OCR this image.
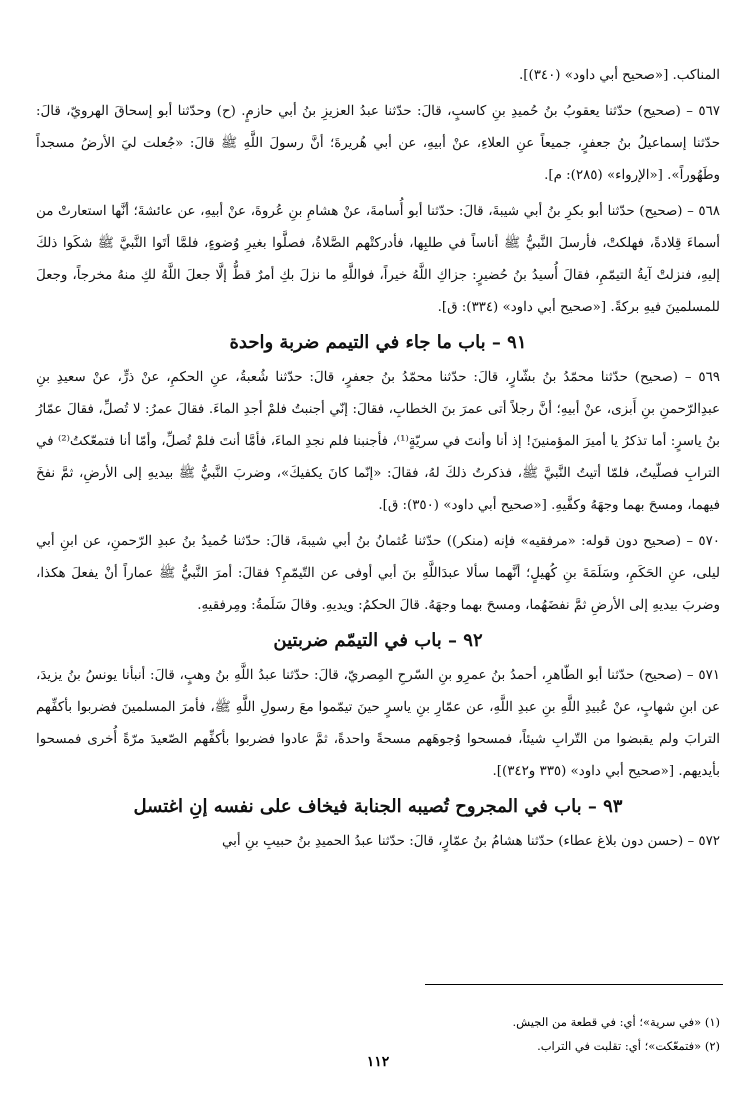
المناكب. [«صحيح أبي داود» (٣٤٠)].

٥٦٧ – (صحيح) حدّثنا يعقوبُ بنُ حُميدِ بنِ كاسبٍ، قالَ: حدّثنا عبدُ العزيزِ بنُ أبي حازمٍ. (ح) وحدّثنا أبو إسحاقَ الهرويّ، قالَ: حدّثنا إسماعيلُ بنُ جعفرٍ، جميعاً عنِ العلاءِ، عنْ أبيهِ، عن أبي هُريرةَ؛ أنَّ رسولَ اللَّهِ ﷺ قالَ: «جُعلت ليَ الأرضُ مسجداً وطَهُوراً». [«الإرواء» (٢٨٥): م].

٥٦٨ – (صحيح) حدّثنا أبو بكرِ بنُ أبي شيبةَ، قالَ: حدّثنا أبو أُسامةَ، عنْ هشامِ بنِ عُروةَ، عنْ أبيهِ، عن عائشةَ؛ أنَّها استعارتْ من أسماءَ قِلادةً، فهلكتْ، فأرسلَ النَّبيُّ ﷺ أناساً في طلبِها، فأدركتْهم الصَّلاةُ، فصلَّوا بغيرِ وُضوءٍ، فلمَّا أتَوا النَّبيَّ ﷺ شكَوا ذلكَ إليهِ، فنزلتْ آيةُ التيمّمِ، فقالَ أُسيدُ بنُ حُضيرٍ: جزاكِ اللَّهُ خيراً، فواللَّهِ ما نزلَ بكِ أمرٌ قطُّ إلَّا جعلَ اللَّهُ لكِ منهُ مخرجاً، وجعلَ للمسلمينَ فيهِ بركةً. [«صحيح أبي داود» (٣٣٤): ق].

٩١ – باب ما جاء في التيمم ضربة واحدة

٥٦٩ – (صحيح) حدّثنا محمّدُ بنُ بشّارٍ، قالَ: حدّثنا محمّدُ بنُ جعفرٍ، قالَ: حدّثنا شُعبةُ، عنِ الحكمِ، عنْ ذرٍّ، عنْ سعيدِ بنِ عبدِالرّحمنِ بنِ أَبزى، عنْ أبيهِ؛ أنَّ رجلاً أتى عمرَ بنَ الخطابِ، فقالَ: إنّي أجنبتُ فلمْ أجدِ الماءَ. فقالَ عمرُ: لا تُصلِّ، فقالَ عمّارُ بنُ ياسرٍ: أما تذكرُ يا أميرَ المؤمنينَ! إذ أنا وأنتَ في سريّةٍ⁽¹⁾، فأجنبنا فلم نجدِ الماءَ، فأمَّا أنتَ فلمْ تُصلِّ، وأمّا أنا فتمعّكتُ⁽²⁾ في الترابِ فصلّيتُ، فلمّا أتيتُ النَّبيَّ ﷺ، فذكرتُ ذلكَ لهُ، فقالَ: «إنّما كانَ يكفيكَ»، وضربَ النَّبيُّ ﷺ بيديهِ إلى الأرضِ، ثمَّ نفخَ فيهما، ومسحَ بهما وجهَهُ وكفَّيهِ. [«صحيح أبي داود» (٣٥٠): ق].

٥٧٠ – (صحيح دون قوله: «مرفقيه» فإنه (منكر)) حدّثنا عُثمانُ بنُ أبي شيبةَ، قالَ: حدّثنا حُميدُ بنُ عبدِ الرّحمنِ، عن ابنِ أبي ليلى، عنِ الحَكَمِ، وسَلَمَةَ بنِ كُهيلٍ؛ أنَّهما سألا عبدَاللَّهِ بنَ أبي أوفى عن التّيمّمِ؟ فقالَ: أمرَ النَّبيُّ ﷺ عماراً أنْ يفعلَ هكذا، وضربَ بيديهِ إلى الأرضِ ثمَّ نفضَهُما، ومسحَ بهما وجهَهُ. قالَ الحكمُ: ويديهِ. وقالَ سَلَمةُ: ومِرفقيهِ.

٩٢ – باب في التيمّم ضربتين

٥٧١ – (صحيح) حدّثنا أبو الطّاهرِ، أحمدُ بنُ عمرِو بنِ السّرحِ المِصريّ، قالَ: حدّثنا عبدُ اللَّهِ بنُ وهبٍ، قالَ: أنبأنا يونسُ بنُ يزيدَ، عن ابنِ شهابٍ، عنْ عُبيدِ اللَّهِ بنِ عبدِ اللَّهِ، عن عمّارِ بنِ ياسرٍ حينَ تيمّموا معَ رسولِ اللَّهِ ﷺ، فأمرَ المسلمينَ فضربوا بأكفِّهم الترابَ ولم يقبضوا من التّرابِ شيئاً، فمسحوا وُجوهَهم مسحةً واحدةً، ثمَّ عادوا فضربوا بأكفِّهم الصّعيدَ مرّةً أُخرى فمسحوا بأيديهم. [«صحيح أبي داود» (٣٣٥ و٣٤٢)].

٩٣ – باب في المجروح تُصيبه الجنابة فيخاف على نفسه إنِ اغتسل

٥٧٢ – (حسن دون بلاغ عطاء) حدّثنا هشامُ بنُ عمّارٍ، قالَ: حدّثنا عبدُ الحميدِ بنُ حبيبِ بنِ أبي

(١) «في سرية»؛ أي: في قطعة من الجيش.

(٢) «فتمعّكت»؛ أي: تقلبت في التراب.

١١٢
